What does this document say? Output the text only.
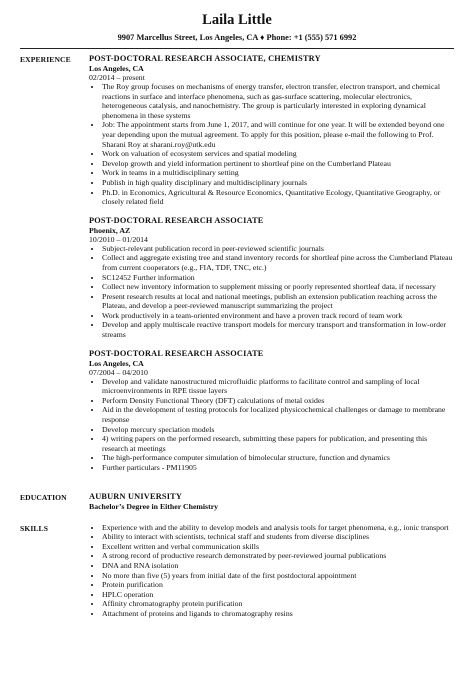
Laila Little
9907 Marcellus Street, Los Angeles, CA ♦ Phone: +1 (555) 571 6992
EXPERIENCE	POST-DOCTORAL RESEARCH ASSOCIATE, CHEMISTRY
Los Angeles, CA
02/2014 – present
• The Roy group focuses on mechanisms of energy transfer, electron transfer, electron transport, and chemical reactions in surface and interface phenomena, such as gas-surface scattering, molecular electronics, heterogeneous catalysis, and nanochemistry. The group is particularly interested in exploring dynamical phenomena in these systems
• Job: The appointment starts from June 1, 2017, and will continue for one year. It will be extended beyond one year depending upon the mutual agreement. To apply for this position, please e-mail the following to Prof. Sharani Roy at sharani.roy@utk.edu
• Work on valuation of ecosystem services and spatial modeling
• Develop growth and yield information pertinent to shortleaf pine on the Cumberland Plateau
• Work in teams in a multidisciplinary setting
• Publish in high quality disciplinary and multidisciplinary journals
• Ph.D. in Economics, Agricultural & Resource Economics, Quantitative Ecology, Quantitative Geography, or closely related field
POST-DOCTORAL RESEARCH ASSOCIATE
Phoenix, AZ
10/2010 – 01/2014
• Subject-relevant publication record in peer-reviewed scientific journals
• Collect and aggregate existing tree and stand inventory records for shortleaf pine across the Cumberland Plateau from current cooperators (e.g., FIA, TDF, TNC, etc.)
• SC12452 Further information
• Collect new inventory information to supplement missing or poorly represented shortleaf data, if necessary
• Present research results at local and national meetings, publish an extension publication reaching across the Plateau, and develop a peer-reviewed manuscript summarizing the project
• Work productively in a team-oriented environment and have a proven track record of team work
• Develop and apply multiscale reactive transport models for mercury transport and transformation in low-order streams
POST-DOCTORAL RESEARCH ASSOCIATE
Los Angeles, CA
07/2004 – 04/2010
• Develop and validate nanostructured microfluidic platforms to facilitate control and sampling of local microenvironments in RPE tissue layers
• Perform Density Functional Theory (DFT) calculations of metal oxides
• Aid in the development of testing protocols for localized physicochemical challenges or damage to membrane response
• Develop mercury speciation models
• 4) writing papers on the performed research, submitting these papers for publication, and presenting this research at meetings
• The high-performance computer simulation of bimolecular structure, function and dynamics
• Further particulars - PM11905
EDUCATION	AUBURN UNIVERSITY
Bachelor’s Degree in Either Chemistry
SKILLS
•	Experience with and the ability to develop models and analysis tools for target phenomena, e.g., ionic transport
• Ability to interact with scientists, technical staff and students from diverse disciplines
• Excellent written and verbal communication skills
• A strong record of productive research demonstrated by peer-reviewed journal publications
• DNA and RNA isolation
• No more than five (5) years from initial date of the first postdoctoral appointment
• Protein purification
• HPLC operation
• Affinity chromatography protein purification
• Attachment of proteins and ligands to chromatography resins
